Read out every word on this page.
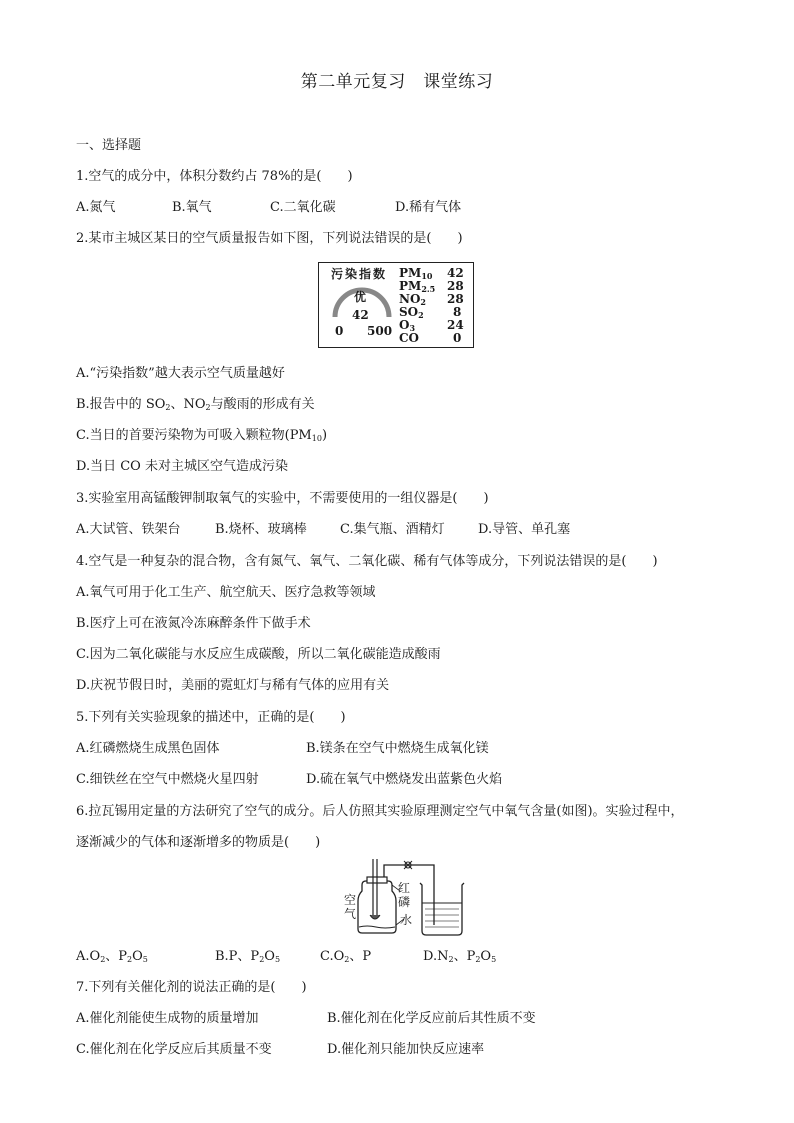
第二单元复习　课堂练习
一、选择题
1.空气的成分中，体积分数约占 78%的是(　　)
A.氮气	B.氧气	C.二氧化碳	D.稀有气体
2.某市主城区某日的空气质量报告如下图，下列说法错误的是(　　)
污染指数
优
42
0 500
$PM_{10}$ 42
$PM_{2.5}$ 28
$NO_2$ 28
$SO_2$ 8
$O_3$	24
CO	0
A.“污染指数”越大表示空气质量越好
B.报告中的 $SO_2$、$NO_2$与酸雨的形成有关
C.当日的首要污染物为可吸入颗粒物$(PM_{10})$
D.当日 CO 未对主城区空气造成污染
3.实验室用高锰酸钾制取氧气的实验中，不需要使用的一组仪器是(　　)
A.大试管、铁架台	B.烧杯、玻璃棒	C.集气瓶、酒精灯	D.导管、单孔塞
4.空气是一种复杂的混合物，含有氮气、氧气、二氧化碳、稀有气体等成分，下列说法错误的是(　　)
A.氧气可用于化工生产、航空航天、医疗急救等领域
B.医疗上可在液氮冷冻麻醉条件下做手术
C.因为二氧化碳能与水反应生成碳酸，所以二氧化碳能造成酸雨
D.庆祝节假日时，美丽的霓虹灯与稀有气体的应用有关
5.下列有关实验现象的描述中，正确的是(　　)
A.红磷燃烧生成黑色固体	B.镁条在空气中燃烧生成氧化镁
C.细铁丝在空气中燃烧火星四射	D.硫在氧气中燃烧发出蓝紫色火焰
6.拉瓦锡用定量的方法研究了空气的成分。后人仿照其实验原理测定空气中氧气含量(如图)。实验过程中，
逐渐减少的气体和逐渐增多的物质是(　　)
空
气
红
磷
水
$A.O_2$、$P_2O_5$	B.P、$P_2O_5$	$C.O_2$、P	$D.N_2$、$P_2O_5$
7.下列有关催化剂的说法正确的是(　　)
A.催化剂能使生成物的质量增加	B.催化剂在化学反应前后其性质不变
C.催化剂在化学反应后其质量不变	D.催化剂只能加快反应速率
